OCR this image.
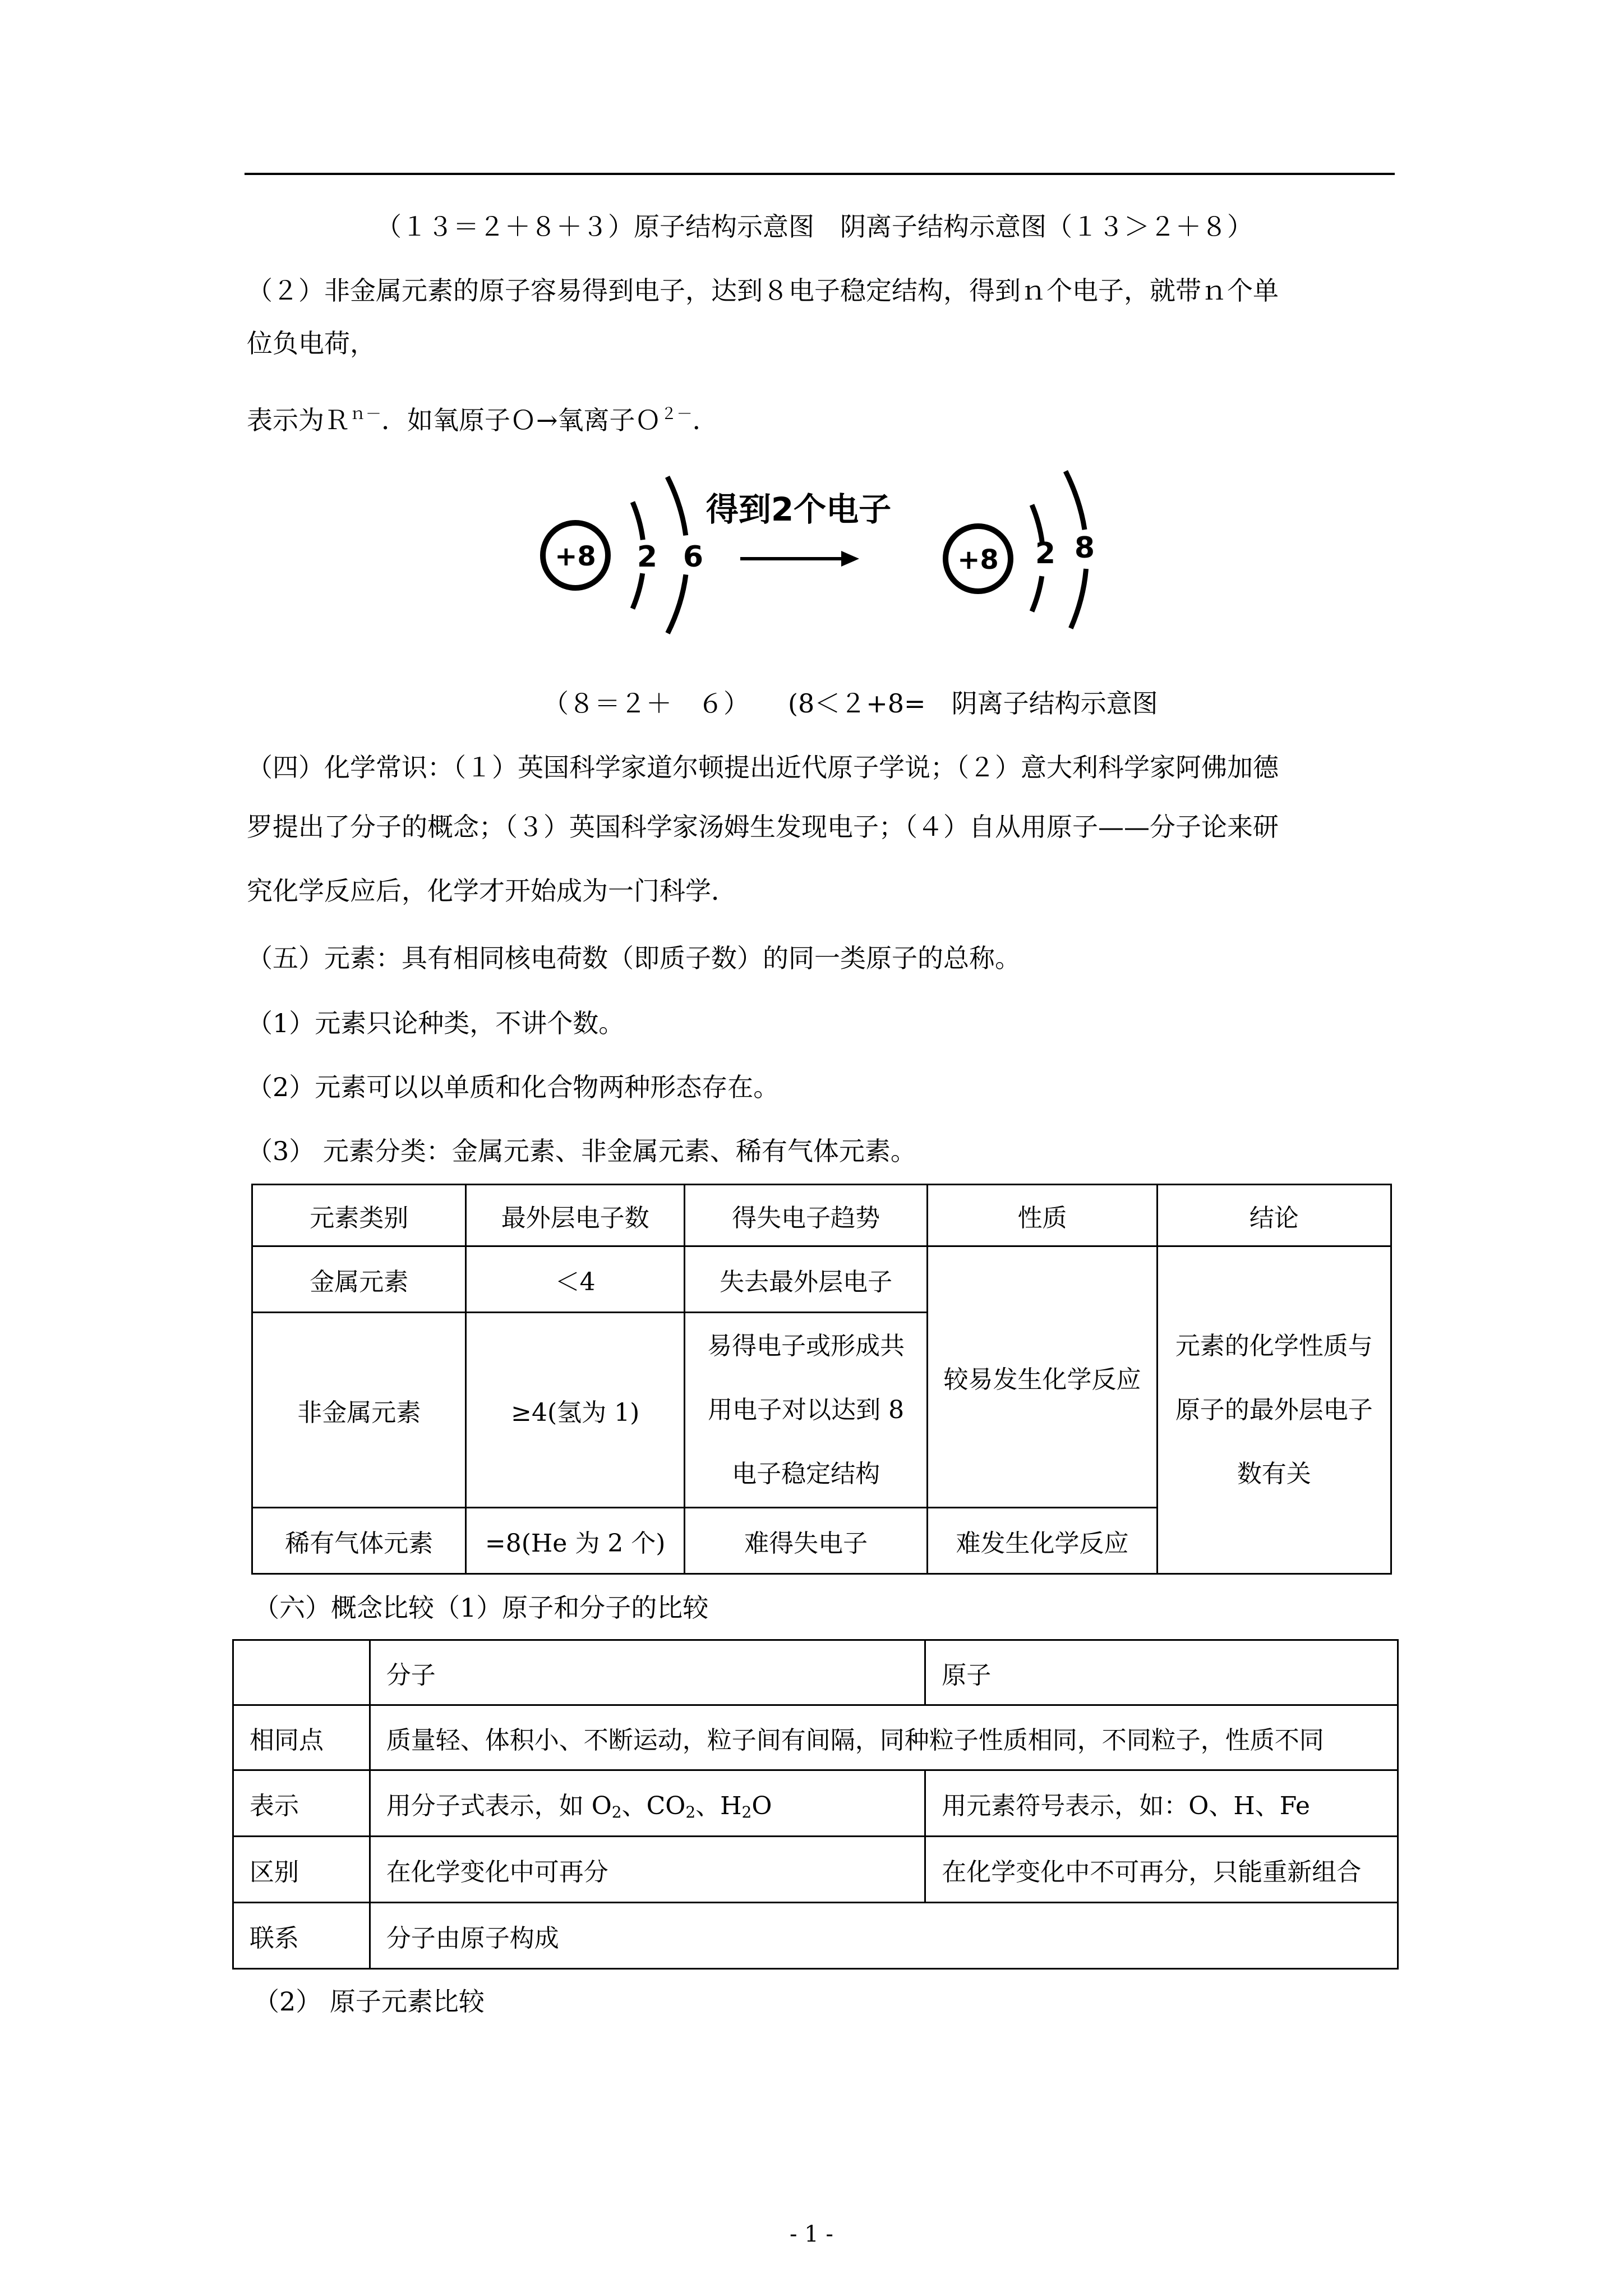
（１３＝２＋８＋３）原子结构示意图　阴离子结构示意图（１３＞２＋８）
（２）非金属元素的原子容易得到电子，达到８电子稳定结构，得到ｎ个电子，就带ｎ个单
位负电荷，
表示为Ｒ$^{n-}$．如氧原子Ｏ→氧离子Ｏ$^{2-}$．
+8 2 6
得到2个电子
+8 2 8
（８＝２＋　６）　　(8＜２+8=　阴离子结构示意图
（四）化学常识：（１）英国科学家道尔顿提出近代原子学说；（２）意大利科学家阿佛加德
罗提出了分子的概念；（３）英国科学家汤姆生发现电子；（４）自从用原子——分子论来研
究化学反应后，化学才开始成为一门科学．
（五）元素：具有相同核电荷数（即质子数）的同一类原子的总称。
（1）元素只论种类，不讲个数。
（2）元素可以以单质和化合物两种形态存在。
（3） 元素分类：金属元素、非金属元素、稀有气体元素。
元素类别	最外层电子数	得失电子趋势	性质	结论
金属元素	＜4	失去最外层电子	较易发生化学反应	元素的化学性质与
原子的最外层电子
数有关

非金属元素	≥4(氢为 1)	易得电子或形成共
用电子对以达到 8
电子稳定结构		

稀有气体元素	=8(He 为 2 个)	难得失电子	难发生化学反应	
（六）概念比较（1）原子和分子的比较
	分子	原子
相同点	质量轻、体积小、不断运动，粒子间有间隔，同种粒子性质相同，不同粒子，性质不同	
表示	用分子式表示，如 $O_2$、$CO_2$、$H_2O$	用元素符号表示，如：O、H、Fe
区别	在化学变化中可再分	在化学变化中不可再分，只能重新组合
联系	分子由原子构成	
（2） 原子元素比较
- 1 -
